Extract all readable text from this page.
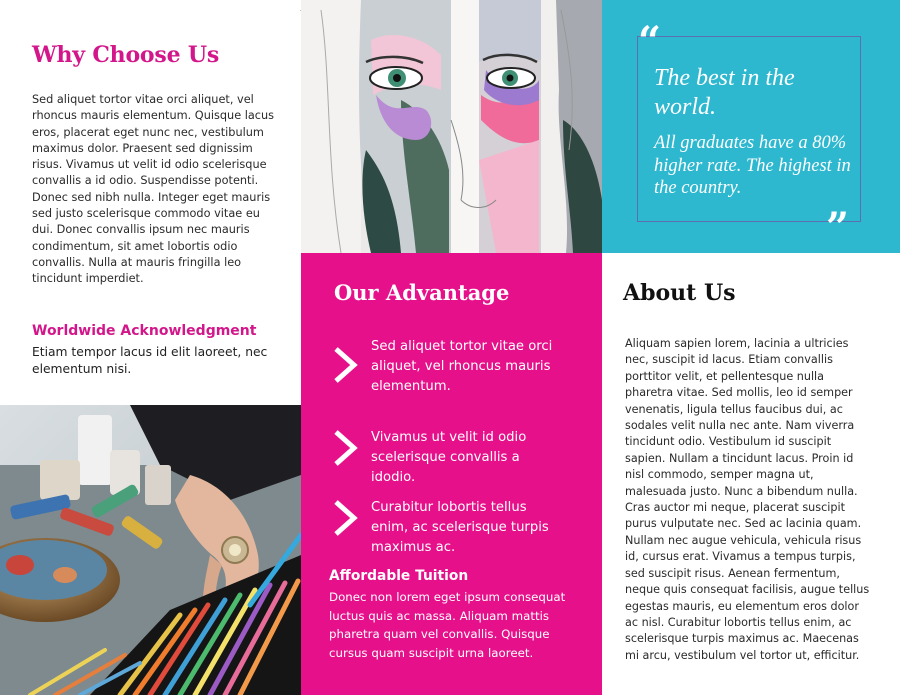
Why Choose Us

Sed aliquet tortor vitae orci aliquet, vel rhoncus mauris elementum. Quisque lacus eros, placerat eget nunc nec, vestibulum maximus dolor. Praesent sed dignissim risus. Vivamus ut velit id odio scelerisque convallis a id odio. Suspendisse potenti. Donec sed nibh nulla. Integer eget mauris sed justo scelerisque commodo vitae eu dui. Donec convallis ipsum nec mauris condimentum, sit amet lobortis odio convallis. Nulla at mauris fringilla leo tincidunt imperdiet.

Worldwide Acknowledgment

Etiam tempor lacus id elit laoreet, nec elementum nisi.

“
The best in the world.
All graduates have a 80% higher rate. The highest in the country.
”
Our Advantage
Sed aliquet tortor vitae orci aliquet, vel rhoncus mauris elementum.
Vivamus ut velit id odio scelerisque convallis a idodio.
Curabitur lobortis tellus enim, ac scelerisque turpis maximus ac.
Affordable Tuition

Donec non lorem eget ipsum consequat luctus quis ac massa. Aliquam mattis pharetra quam vel convallis. Quisque cursus quam suscipit urna laoreet.

About Us

Aliquam sapien lorem, lacinia a ultricies nec, suscipit id lacus. Etiam convallis porttitor velit, et pellentesque nulla pharetra vitae. Sed mollis, leo id semper venenatis, ligula tellus faucibus dui, ac sodales velit nulla nec ante. Nam viverra tincidunt odio. Vestibulum id suscipit sapien. Nullam a tincidunt lacus. Proin id nisl commodo, semper magna ut, malesuada justo. Nunc a bibendum nulla. Cras auctor mi neque, placerat suscipit purus vulputate nec. Sed ac lacinia quam. Nullam nec augue vehicula, vehicula risus id, cursus erat. Vivamus a tempus turpis, sed suscipit risus. Aenean fermentum, neque quis consequat facilisis, augue tellus egestas mauris, eu elementum eros dolor ac nisl. Curabitur lobortis tellus enim, ac scelerisque turpis maximus ac. Maecenas mi arcu, vestibulum vel tortor ut, efficitur.
